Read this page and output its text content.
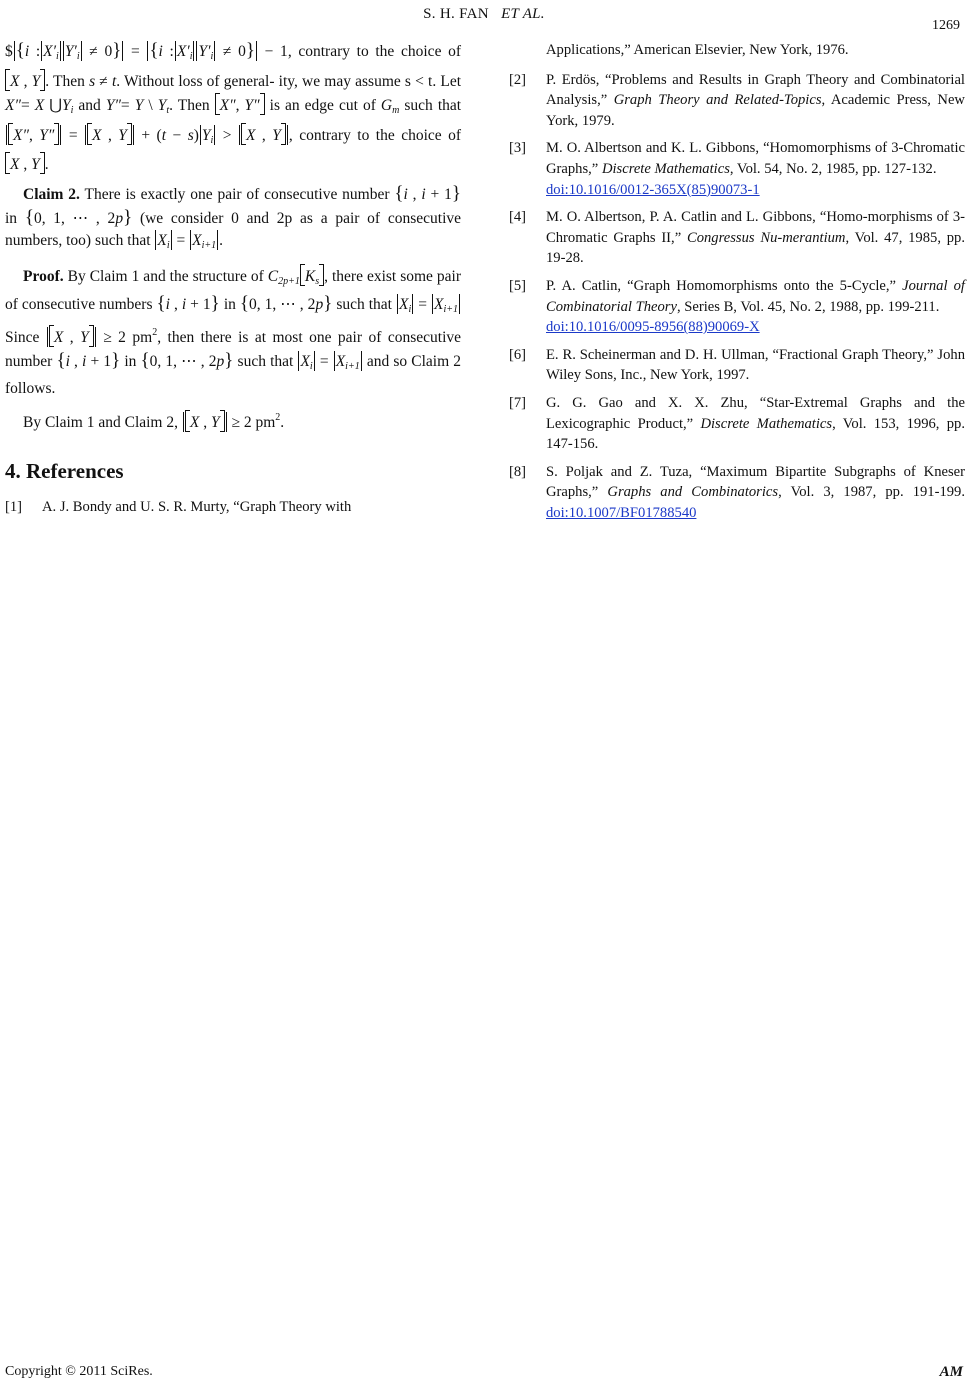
S. H. FAN ET AL.
1269

$ {i : $X'_i$ $Y'_i \ne 0\} = \{i$ : $X'_i$ $Y'_i \ne 0\} - 1$, contrary to the choice of X , Y . Then s ≠ t. Without loss of general- ity, we may assume s < t. Let X″= X $⋃Y_i$ and Y″= Y \ $Y_t$. Then X″, Y″ is an edge cut of $G_m$ such that X″, Y″ = X , Y + (t − s) $Y_i > X$ , Y , contrary to the choice of X , Y .

Claim 2. There is exactly one pair of consecutive number {i , i + 1} in {0, 1, ⋯ , 2p} (we consider 0 and 2p as a pair of consecutive numbers, too) such that $X_i = X_{i+1}$ .

Proof. By Claim 1 and the structure of $C_{2p+1}$ $K_s$ , there exist some pair of consecutive numbers {i , i + 1} in {0, 1, ⋯ , 2p} such that $X_i = X_{i+1}$ Since X , Y ≥ 2 $pm^2$, then there is at most one pair of consecutive number {i , i + 1} in {0, 1, ⋯ , 2p} such that $X_i = X_{i+1}$ and so Claim 2 follows.

By Claim 1 and Claim 2, X , Y ≥ 2 $pm^2$.

4. References
[1] A. J. Bondy and U. S. R. Murty, “Graph Theory with
Applications,” American Elsevier, New York, 1976.
[2] P. Erdös, “Problems and Results in Graph Theory and Combinatorial Analysis,” Graph Theory and Related-Topics, Academic Press, New York, 1979.
[3] M. O. Albertson and K. L. Gibbons, “Homomorphisms of 3-Chromatic Graphs,” Discrete Mathematics, Vol. 54, No. 2, 1985, pp. 127-132.
doi:10.1016/0012-365X(85)90073-1
[4] M. O. Albertson, P. A. Catlin and L. Gibbons, “Homo-morphisms of 3-Chromatic Graphs II,” Congressus Nu-merantium, Vol. 47, 1985, pp. 19-28.
[5] P. A. Catlin, “Graph Homomorphisms onto the 5-Cycle,” Journal of Combinatorial Theory, Series B, Vol. 45, No. 2, 1988, pp. 199-211.
doi:10.1016/0095-8956(88)90069-X
[6] E. R. Scheinerman and D. H. Ullman, “Fractional Graph Theory,” John Wiley Sons, Inc., New York, 1997.
[7] G. G. Gao and X. X. Zhu, “Star-Extremal Graphs and the Lexicographic Product,” Discrete Mathematics, Vol. 153, 1996, pp. 147-156.
[8] S. Poljak and Z. Tuza, “Maximum Bipartite Subgraphs of Kneser Graphs,” Graphs and Combinatorics, Vol. 3, 1987, pp. 191-199. doi:10.1007/BF01788540
Copyright © 2011 SciRes.	AM
